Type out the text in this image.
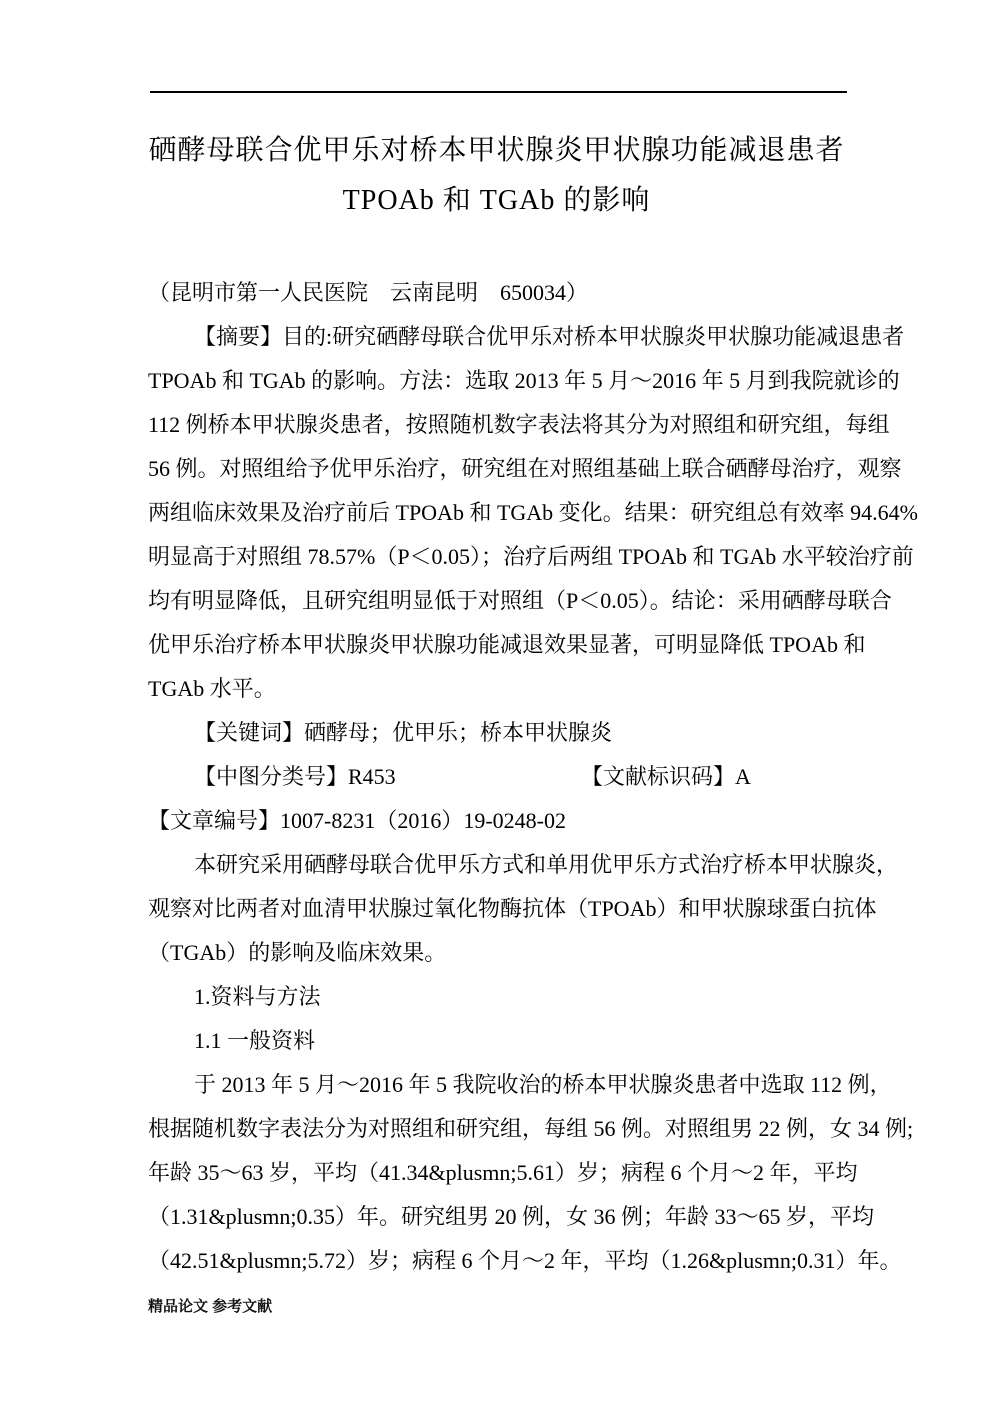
硒酵母联合优甲乐对桥本甲状腺炎甲状腺功能减退患者
TPOAb 和 TGAb 的影响
（昆明市第一人民医院　云南昆明　650034）
【摘要】目的:研究硒酵母联合优甲乐对桥本甲状腺炎甲状腺功能减退患者
TPOAb 和 TGAb 的影响。方法：选取 2013 年 5 月～2016 年 5 月到我院就诊的
112 例桥本甲状腺炎患者，按照随机数字表法将其分为对照组和研究组，每组
56 例。对照组给予优甲乐治疗，研究组在对照组基础上联合硒酵母治疗，观察
两组临床效果及治疗前后 TPOAb 和 TGAb 变化。结果：研究组总有效率 94.64%
明显高于对照组 78.57%（P＜0.05）；治疗后两组 TPOAb 和 TGAb 水平较治疗前
均有明显降低，且研究组明显低于对照组（P＜0.05）。结论：采用硒酵母联合
优甲乐治疗桥本甲状腺炎甲状腺功能减退效果显著，可明显降低 TPOAb 和
TGAb 水平。
【关键词】硒酵母；优甲乐；桥本甲状腺炎
【中图分类号】R453	【文献标识码】A
【文章编号】1007-8231（2016）19-0248-02
本研究采用硒酵母联合优甲乐方式和单用优甲乐方式治疗桥本甲状腺炎，
观察对比两者对血清甲状腺过氧化物酶抗体（TPOAb）和甲状腺球蛋白抗体
（TGAb）的影响及临床效果。
1.资料与方法
1.1 一般资料
于 2013 年 5 月～2016 年 5 我院收治的桥本甲状腺炎患者中选取 112 例，
根据随机数字表法分为对照组和研究组，每组 56 例。对照组男 22 例，女 34 例;
年龄 35～63 岁，平均（41.34&plusmn;5.61）岁；病程 6 个月～2 年，平均
（1.31&plusmn;0.35）年。研究组男 20 例，女 36 例；年龄 33～65 岁，平均
（42.51&plusmn;5.72）岁；病程 6 个月～2 年，平均（1.26&plusmn;0.31）年。
精品论文 参考文献
